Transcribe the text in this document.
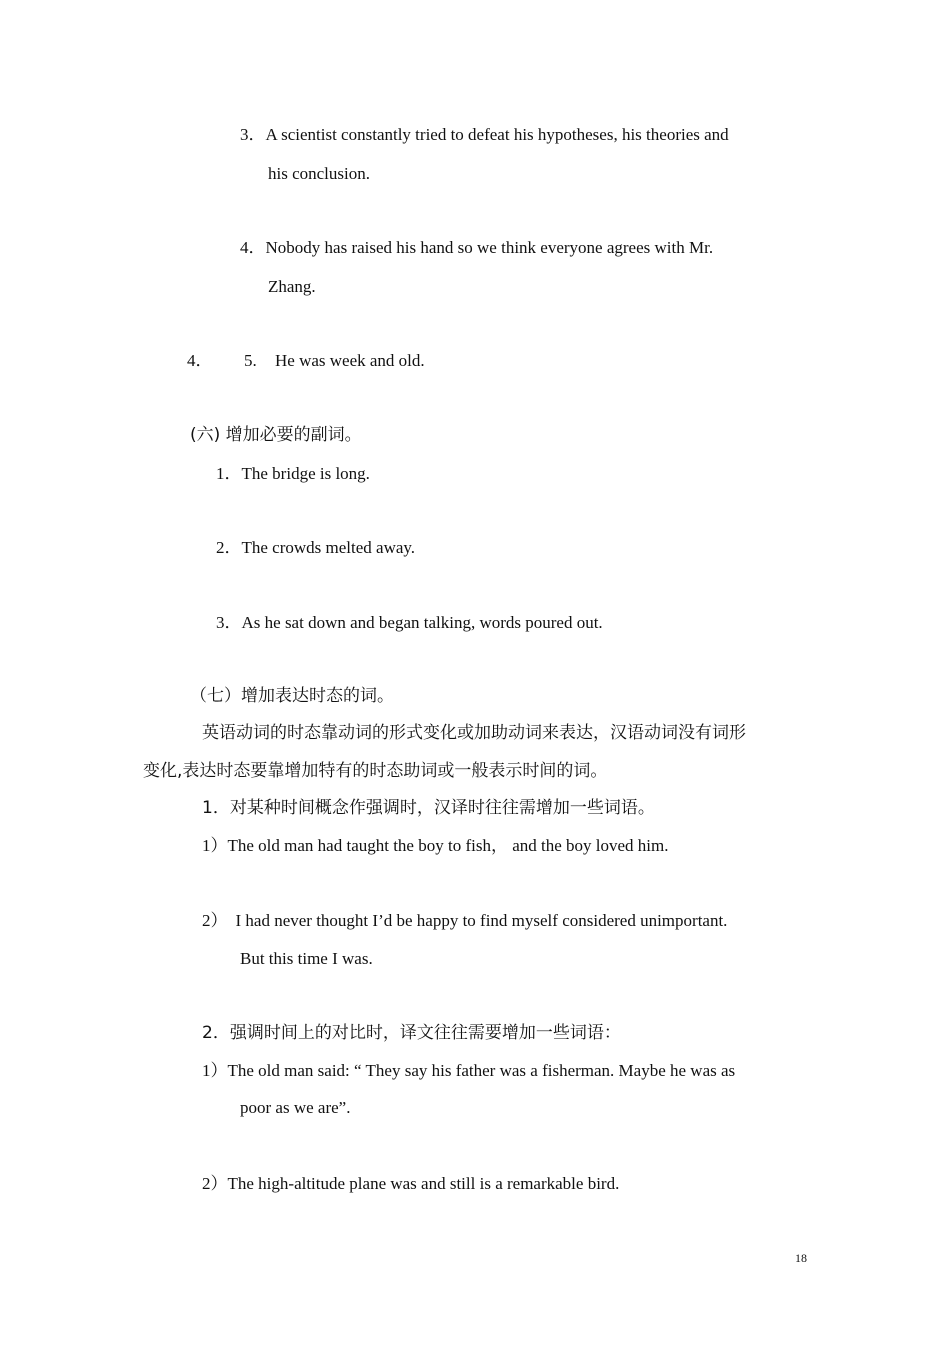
3．A scientist constantly tried to defeat his hypotheses, his theories and
his conclusion.
4．Nobody has raised his hand so we think everyone agrees with Mr.
Zhang.
4． 5. He was week and old.
(六) 增加必要的副词。
1．The bridge is long.
2．The crowds melted away.
3．As he sat down and began talking, words poured out.
（七）增加表达时态的词。
英语动词的时态靠动词的形式变化或加助动词来表达，汉语动词没有词形
变化,表达时态要靠增加特有的时态助词或一般表示时间的词。
1．对某种时间概念作强调时，汉译时往往需增加一些词语。
1）The old man had taught the boy to fish， and the boy loved him.
2） I had never thought I’d be happy to find myself considered unimportant.
But this time I was.
2．强调时间上的对比时，译文往往需要增加一些词语：
1）The old man said: “ They say his father was a fisherman. Maybe he was as
poor as we are”.
2）The high-altitude plane was and still is a remarkable bird.
18
